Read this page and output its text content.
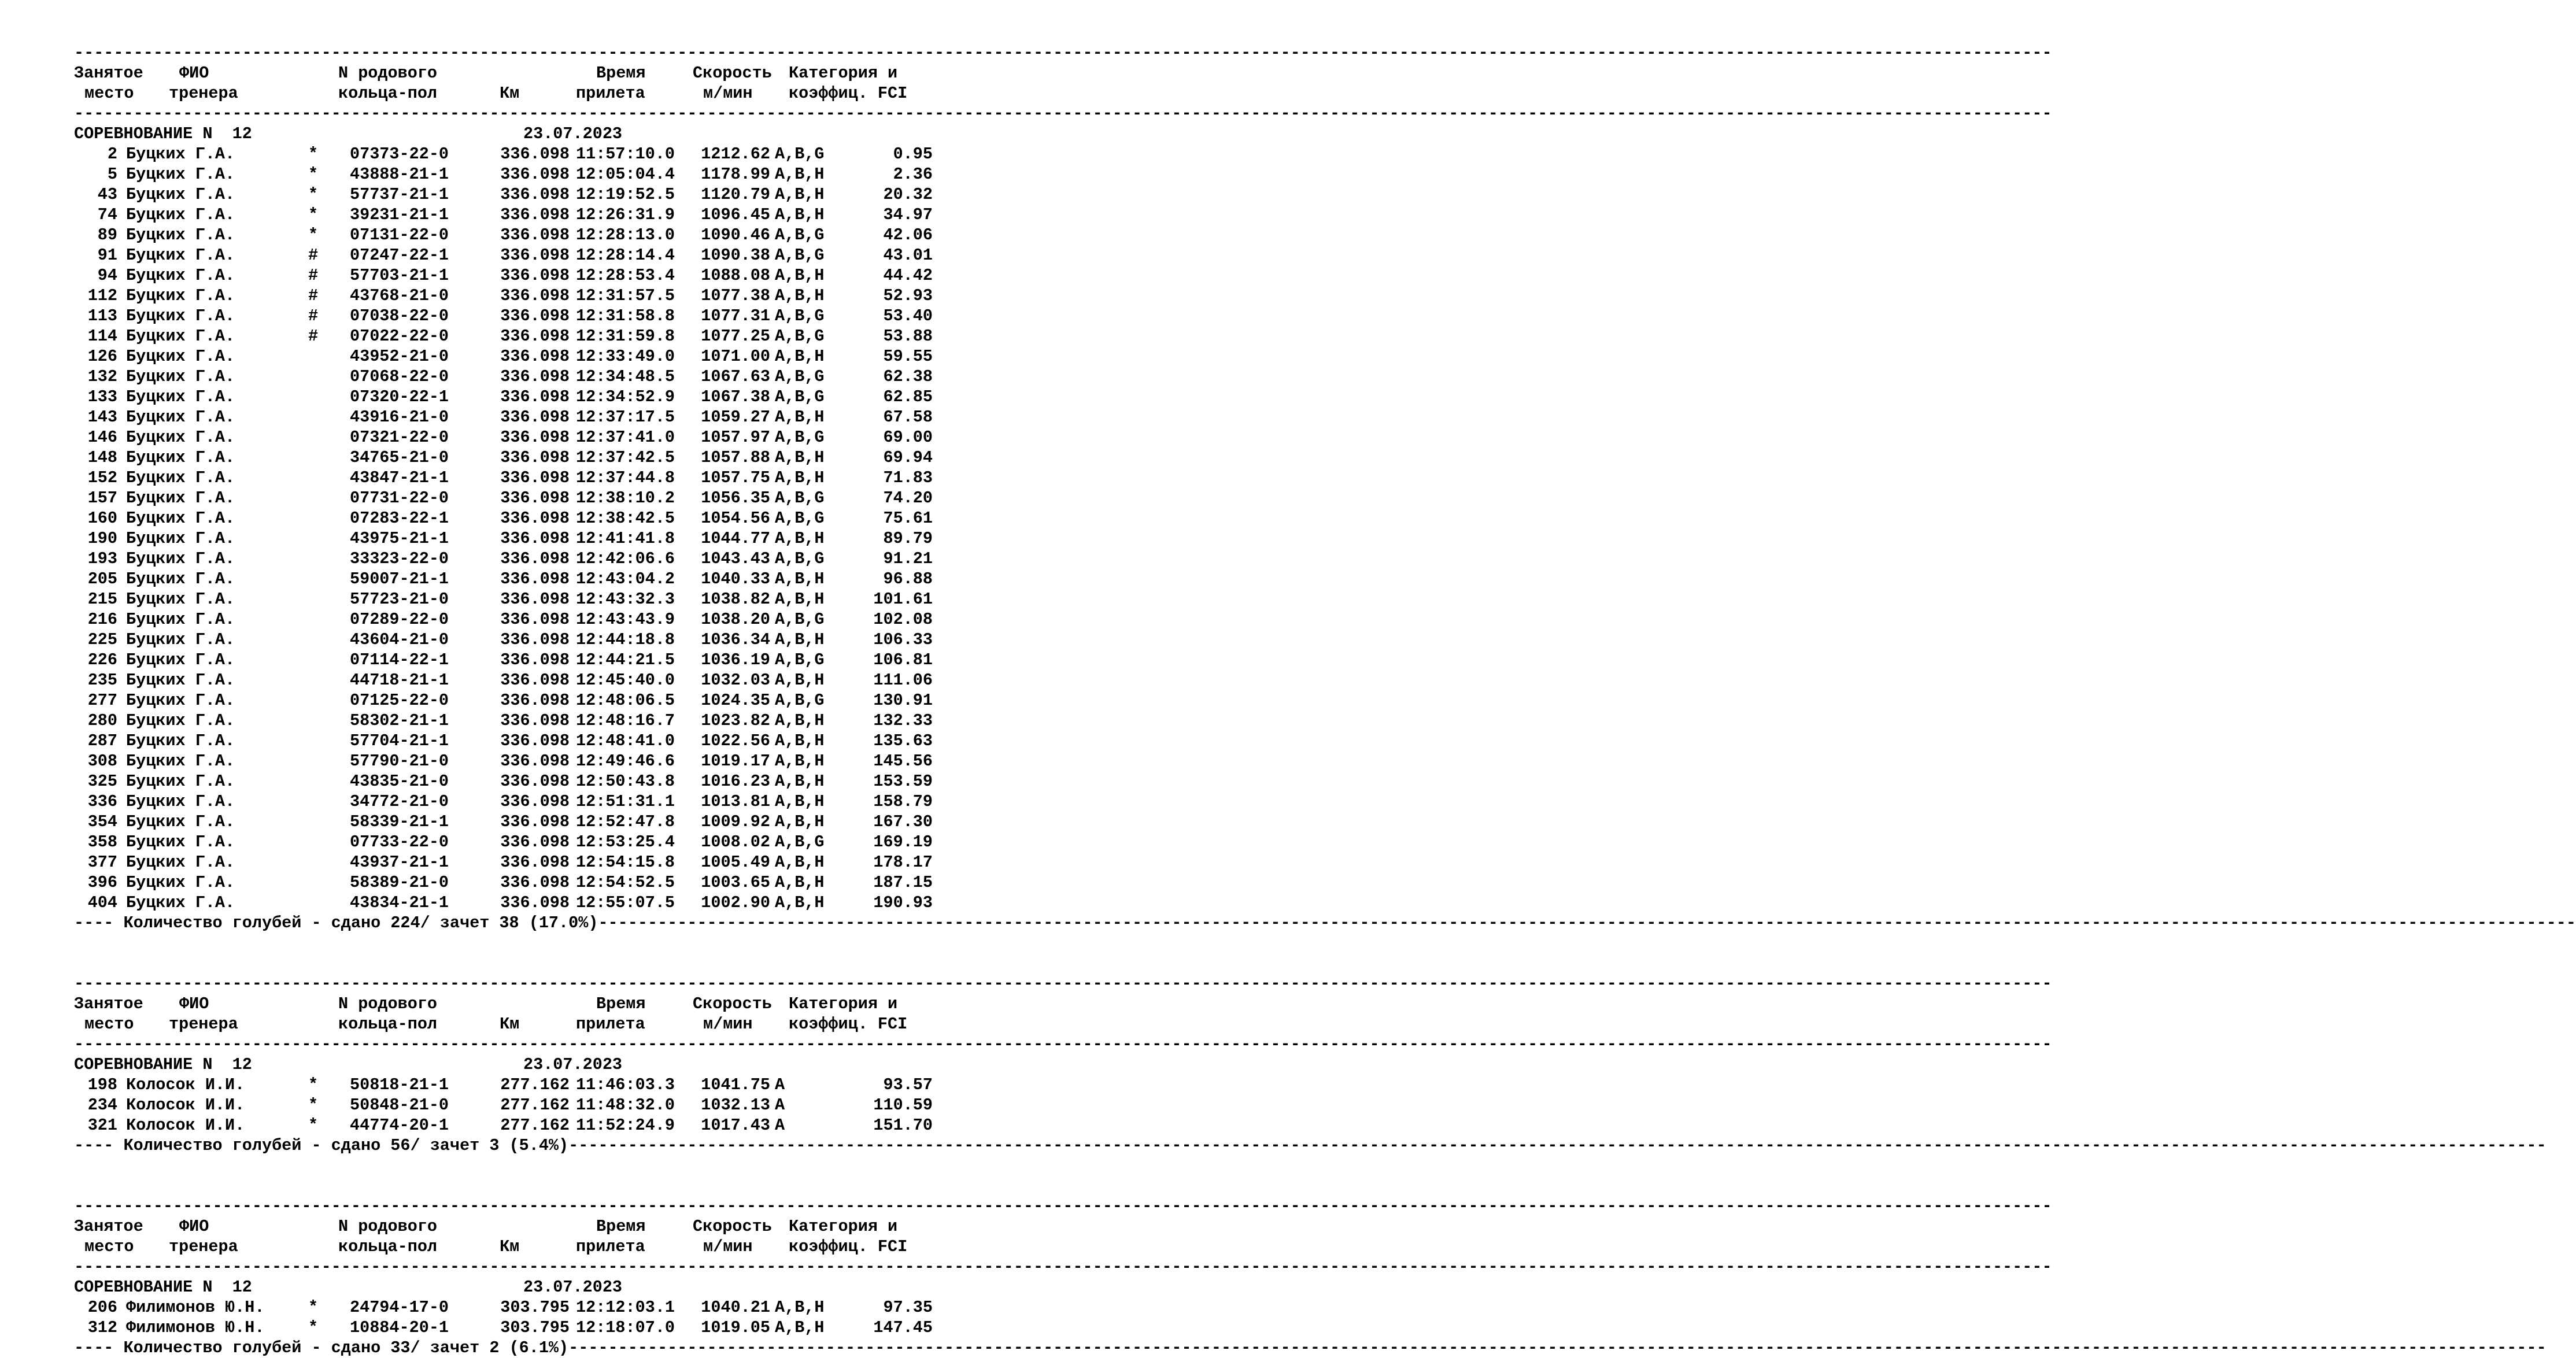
--------------------------------------------------------------------------------------------------------------------------------------------------------------------------------------------------------
Занятое ФИО	N родового	Время	Скорость Категория и
место тренера	кольца-пол	Км	прилета	м/мин коэффиц. FCI
--------------------------------------------------------------------------------------------------------------------------------------------------------------------------------------------------------
СОРЕВНОВАНИЕ N  12	23.07.2023
2 Буцких Г.А.	* 07373-22-0	336.098 11:57:10.0	1212.62 A,B,G	0.95
5 Буцких Г.А.	* 43888-21-1	336.098 12:05:04.4	1178.99 A,B,H	2.36
43 Буцких Г.А.	* 57737-21-1	336.098 12:19:52.5	1120.79 A,B,H	20.32
74 Буцких Г.А.	* 39231-21-1	336.098 12:26:31.9	1096.45 A,B,H	34.97
89 Буцких Г.А.	* 07131-22-0	336.098 12:28:13.0	1090.46 A,B,G	42.06
91 Буцких Г.А.	# 07247-22-1	336.098 12:28:14.4	1090.38 A,B,G	43.01
94 Буцких Г.А.	# 57703-21-1	336.098 12:28:53.4	1088.08 A,B,H	44.42
112 Буцких Г.А.	# 43768-21-0	336.098 12:31:57.5	1077.38 A,B,H	52.93
113 Буцких Г.А.	# 07038-22-0	336.098 12:31:58.8	1077.31 A,B,G	53.40
114 Буцких Г.А.	# 07022-22-0	336.098 12:31:59.8	1077.25 A,B,G	53.88
126 Буцких Г.А.	43952-21-0	336.098 12:33:49.0	1071.00 A,B,H	59.55
132 Буцких Г.А.	07068-22-0	336.098 12:34:48.5	1067.63 A,B,G	62.38
133 Буцких Г.А.	07320-22-1	336.098 12:34:52.9	1067.38 A,B,G	62.85
143 Буцких Г.А.	43916-21-0	336.098 12:37:17.5	1059.27 A,B,H	67.58
146 Буцких Г.А.	07321-22-0	336.098 12:37:41.0	1057.97 A,B,G	69.00
148 Буцких Г.А.	34765-21-0	336.098 12:37:42.5	1057.88 A,B,H	69.94
152 Буцких Г.А.	43847-21-1	336.098 12:37:44.8	1057.75 A,B,H	71.83
157 Буцких Г.А.	07731-22-0	336.098 12:38:10.2	1056.35 A,B,G	74.20
160 Буцких Г.А.	07283-22-1	336.098 12:38:42.5	1054.56 A,B,G	75.61
190 Буцких Г.А.	43975-21-1	336.098 12:41:41.8	1044.77 A,B,H	89.79
193 Буцких Г.А.	33323-22-0	336.098 12:42:06.6	1043.43 A,B,G	91.21
205 Буцких Г.А.	59007-21-1	336.098 12:43:04.2	1040.33 A,B,H	96.88
215 Буцких Г.А.	57723-21-0	336.098 12:43:32.3	1038.82 A,B,H	101.61
216 Буцких Г.А.	07289-22-0	336.098 12:43:43.9	1038.20 A,B,G	102.08
225 Буцких Г.А.	43604-21-0	336.098 12:44:18.8	1036.34 A,B,H	106.33
226 Буцких Г.А.	07114-22-1	336.098 12:44:21.5	1036.19 A,B,G	106.81
235 Буцких Г.А.	44718-21-1	336.098 12:45:40.0	1032.03 A,B,H	111.06
277 Буцких Г.А.	07125-22-0	336.098 12:48:06.5	1024.35 A,B,G	130.91
280 Буцких Г.А.	58302-21-1	336.098 12:48:16.7	1023.82 A,B,H	132.33
287 Буцких Г.А.	57704-21-1	336.098 12:48:41.0	1022.56 A,B,H	135.63
308 Буцких Г.А.	57790-21-0	336.098 12:49:46.6	1019.17 A,B,H	145.56
325 Буцких Г.А.	43835-21-0	336.098 12:50:43.8	1016.23 A,B,H	153.59
336 Буцких Г.А.	34772-21-0	336.098 12:51:31.1	1013.81 A,B,H	158.79
354 Буцких Г.А.	58339-21-1	336.098 12:52:47.8	1009.92 A,B,H	167.30
358 Буцких Г.А.	07733-22-0	336.098 12:53:25.4	1008.02 A,B,G	169.19
377 Буцких Г.А.	43937-21-1	336.098 12:54:15.8	1005.49 A,B,H	178.17
396 Буцких Г.А.	58389-21-0	336.098 12:54:52.5	1003.65 A,B,H	187.15
404 Буцких Г.А.	43834-21-1	336.098 12:55:07.5	1002.90 A,B,H	190.93
---- Количество голубей - сдано 224/ зачет 38 (17.0%)--------------------------------------------------------------------------------------------------------------------------------------------------------------------------------------------------------
--------------------------------------------------------------------------------------------------------------------------------------------------------------------------------------------------------
Занятое ФИО	N родового	Время	Скорость Категория и
место тренера	кольца-пол	Км	прилета	м/мин коэффиц. FCI
--------------------------------------------------------------------------------------------------------------------------------------------------------------------------------------------------------
СОРЕВНОВАНИЕ N  12	23.07.2023
198 Колосок И.И.	* 50818-21-1	277.162 11:46:03.3	1041.75 A	93.57
234 Колосок И.И.	* 50848-21-0	277.162 11:48:32.0	1032.13 A	110.59
321 Колосок И.И.	* 44774-20-1	277.162 11:52:24.9	1017.43 A	151.70
---- Количество голубей - сдано 56/ зачет 3 (5.4%)--------------------------------------------------------------------------------------------------------------------------------------------------------------------------------------------------------
--------------------------------------------------------------------------------------------------------------------------------------------------------------------------------------------------------
Занятое ФИО	N родового	Время	Скорость Категория и
место тренера	кольца-пол	Км	прилета	м/мин коэффиц. FCI
--------------------------------------------------------------------------------------------------------------------------------------------------------------------------------------------------------
СОРЕВНОВАНИЕ N  12	23.07.2023
206 Филимонов Ю.Н.	* 24794-17-0	303.795 12:12:03.1	1040.21 A,B,H	97.35
312 Филимонов Ю.Н.	* 10884-20-1	303.795 12:18:07.0	1019.05 A,B,H	147.45
---- Количество голубей - сдано 33/ зачет 2 (6.1%)--------------------------------------------------------------------------------------------------------------------------------------------------------------------------------------------------------
